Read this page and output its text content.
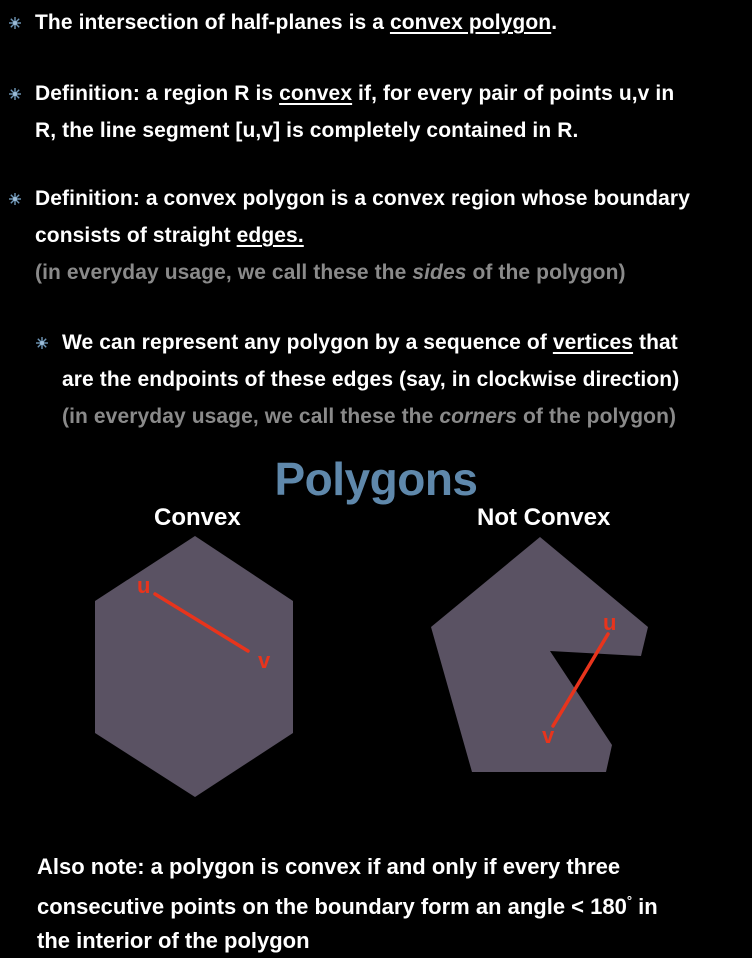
The intersection of half-planes is a convex polygon.
Definition: a region R is convex if, for every pair of points u,v in
R, the line segment [u,v] is completely contained in R.
Definition: a convex polygon is a convex region whose boundary
consists of straight edges.
(in everyday usage, we call these the sides of the polygon)
We can represent any polygon by a sequence of vertices that
are the endpoints of these edges (say, in clockwise direction)
(in everyday usage, we call these the corners of the polygon)
Polygons
Convex	Not Convex
u
v
u
v
Also note: a polygon is convex if and only if every three
consecutive points on the boundary form an angle < 180° in
the interior of the polygon
